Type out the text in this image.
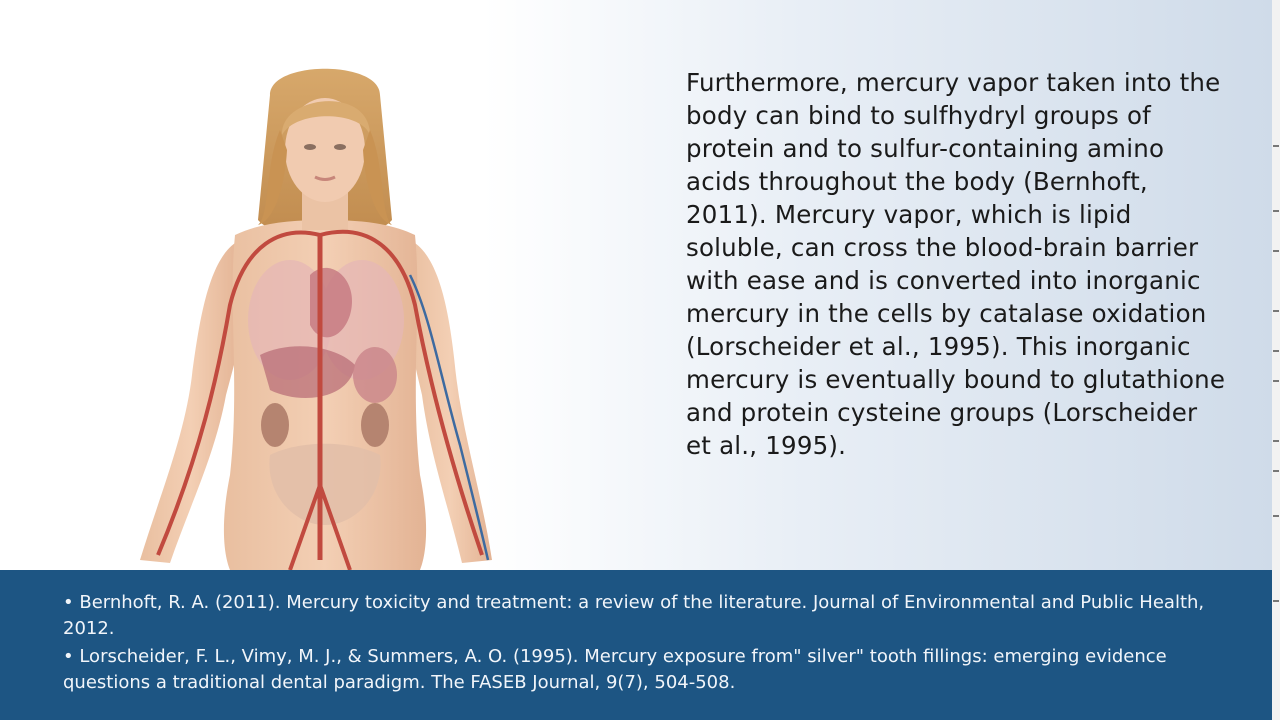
Furthermore, mercury vapor taken into the body can bind to sulfhydryl groups of protein and to sulfur-containing amino acids throughout the body (Bernhoft, 2011). Mercury vapor, which is lipid soluble, can cross the blood-brain barrier with ease and is converted into inorganic mercury in the cells by catalase oxidation (Lorscheider et al., 1995). This inorganic mercury is eventually bound to glutathione and protein cysteine groups (Lorscheider et al., 1995).
• Bernhoft, R. A. (2011). Mercury toxicity and treatment: a review of the literature. Journal of Environmental and Public Health, 2012.
• Lorscheider, F. L., Vimy, M. J., & Summers, A. O. (1995). Mercury exposure from" silver" tooth fillings: emerging evidence questions a traditional dental paradigm. The FASEB Journal, 9(7), 504-508.
